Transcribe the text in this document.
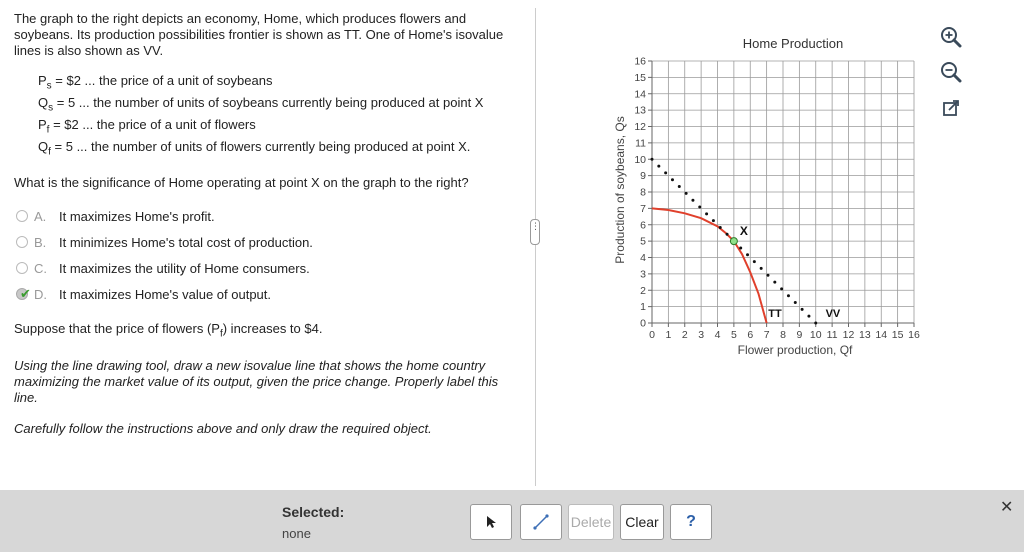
The graph to the right depicts an economy, Home, which produces flowers and soybeans. Its production possibilities frontier is shown as TT. One of Home's isovalue lines is also shown as VV.
$P_s$ = $2 ... the price of a unit of soybeans
$Q_s = 5$ ... the number of units of soybeans currently being produced at point X
$P_f$ = $2 ... the price of a unit of flowers
$Q_f = 5$ ... the number of units of flowers currently being produced at point X.
What is the significance of Home operating at point X on the graph to the right?
A. It maximizes Home's profit.
B. It minimizes Home's total cost of production.
C. It maximizes the utility of Home consumers.
✔ D. It maximizes Home's value of output.
Suppose that the price of flowers $(P_f)$ increases to $4.
Using the line drawing tool, draw a new isovalue line that shows the home country maximizing the market value of its output, given the price change. Properly label this line.
Carefully follow the instructions above and only draw the required object.
⋮
Home Production
0 1 2 3 4 5 6 7 8 9 10 11 12 13 14 15 16
0
1
2
3
4
5
6
7
8
9
10
11
12
13
14
15
16
Flower production, Qf
Production of soybeans, Qs
TT	VV
X
Selected:
none
Delete	Clear	?
✕
